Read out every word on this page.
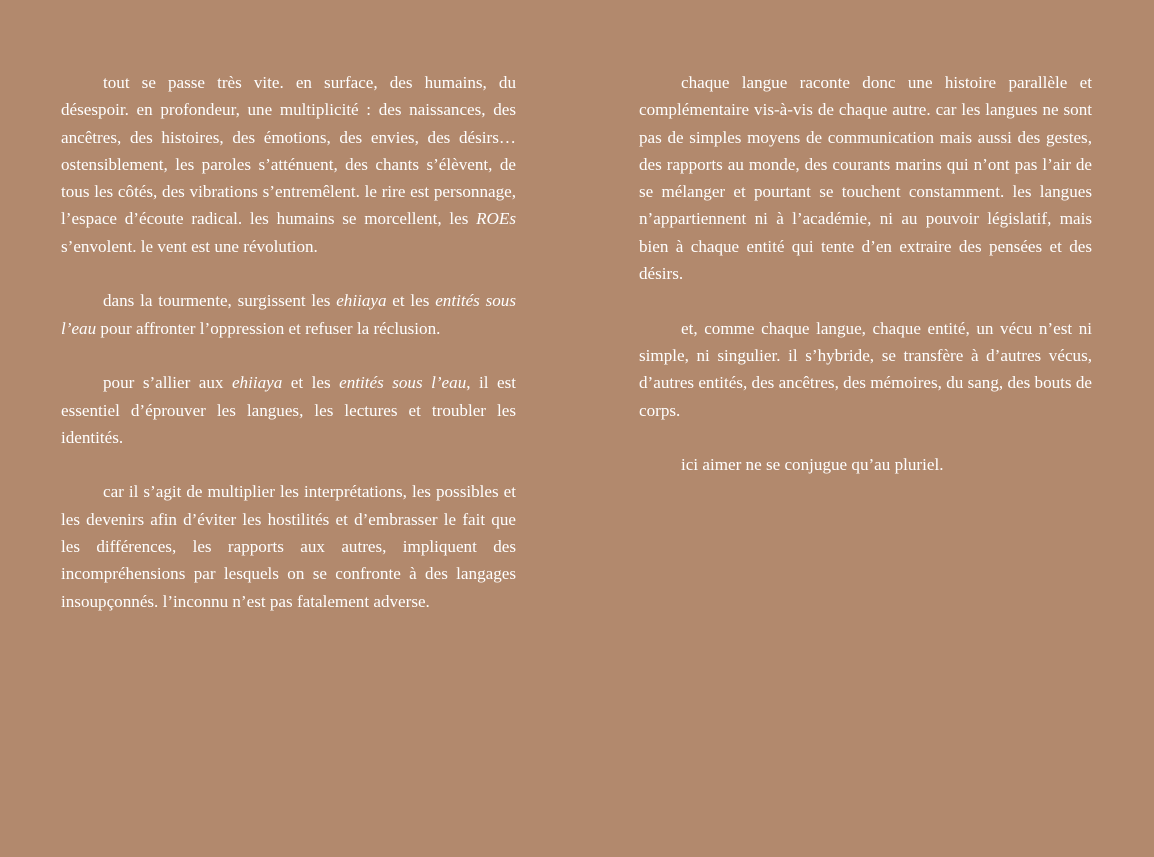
tout se passe très vite. en surface, des humains, du désespoir. en profondeur, une multiplicité : des naissances, des ancêtres, des histoires, des émotions, des envies, des désirs… ostensiblement, les paroles s’atténuent, des chants s’élèvent, de tous les côtés, des vibrations s’entremêlent. le rire est personnage, l’espace d’écoute radical. les humains se morcellent, les ROEs s’envolent. le vent est une révolution.

dans la tourmente, surgissent les ehiiaya et les entités sous l’eau pour affronter l’oppression et refuser la réclusion.

pour s’allier aux ehiiaya et les entités sous l’eau, il est essentiel d’éprouver les langues, les lectures et troubler les identités.

car il s’agit de multiplier les interprétations, les possibles et les devenirs afin d’éviter les hostilités et d’embrasser le fait que les différences, les rapports aux autres, impliquent des incompréhensions par lesquels on se confronte à des langages insoupçonnés. l’inconnu n’est pas fatalement adverse.

chaque langue raconte donc une histoire parallèle et complémentaire vis-à-vis de chaque autre. car les langues ne sont pas de simples moyens de communication mais aussi des gestes, des rapports au monde, des courants marins qui n’ont pas l’air de se mélanger et pourtant se touchent constamment. les langues n’appartiennent ni à l’académie, ni au pouvoir législatif, mais bien à chaque entité qui tente d’en extraire des pensées et des désirs.

et, comme chaque langue, chaque entité, un vécu n’est ni simple, ni singulier. il s’hybride, se transfère à d’autres vécus, d’autres entités, des ancêtres, des mémoires, du sang, des bouts de corps.

ici aimer ne se conjugue qu’au pluriel.
